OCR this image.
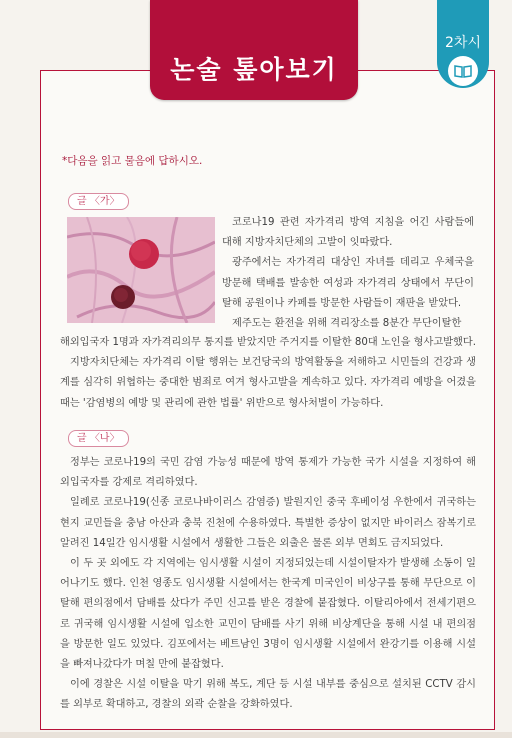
논술 톺아보기
2차시
*다음을 읽고 물음에 답하시오.
글 〈가〉

코로나19 관련 자가격리 방역 지침을 어긴 사람들에 대해 지방자치단체의 고발이 잇따랐다.

광주에서는 자가격리 대상인 자녀를 데리고 우체국을 방문해 택배를 발송한 여성과 자가격리 상태에서 무단이탈해 공원이나 카페를 방문한 사람들이 재판을 받았다.

제주도는 환전을 위해 격리장소를 8분간 무단이탈한

해외입국자 1명과 자가격리의무 통지를 받았지만 주거지를 이탈한 80대 노인을 형사고발했다.

지방자치단체는 자가격리 이탈 행위는 보건당국의 방역활동을 저해하고 시민들의 건강과 생계를 심각히 위협하는 중대한 범죄로 여겨 형사고발을 계속하고 있다. 자가격리 예방을 어겼을 때는 '감염병의 예방 및 관리에 관한 법률' 위반으로 형사처벌이 가능하다.

글 〈나〉

정부는 코로나19의 국민 감염 가능성 때문에 방역 통제가 가능한 국가 시설을 지정하여 해외입국자를 강제로 격리하였다.

일례로 코로나19(신종 코로나바이러스 감염증) 발원지인 중국 후베이성 우한에서 귀국하는 현지 교민들을 충남 아산과 충북 진천에 수용하였다. 특별한 증상이 없지만 바이러스 잠복기로 알려진 14일간 임시생활 시설에서 생활한 그들은 외출은 물론 외부 면회도 금지되었다.

이 두 곳 외에도 각 지역에는 임시생활 시설이 지정되었는데 시설이탈자가 발생해 소동이 일어나기도 했다. 인천 영종도 임시생활 시설에서는 한국계 미국인이 비상구를 통해 무단으로 이탈해 편의점에서 담배를 샀다가 주민 신고를 받은 경찰에 붙잡혔다. 이탈리아에서 전세기편으로 귀국해 임시생활 시설에 입소한 교민이 담배를 사기 위해 비상계단을 통해 시설 내 편의점을 방문한 일도 있었다. 김포에서는 베트남인 3명이 임시생활 시설에서 완강기를 이용해 시설을 빠져나갔다가 며칠 만에 붙잡혔다.

이에 경찰은 시설 이탈을 막기 위해 복도, 계단 등 시설 내부를 중심으로 설치된 CCTV 감시를 외부로 확대하고, 경찰의 외곽 순찰을 강화하였다.
